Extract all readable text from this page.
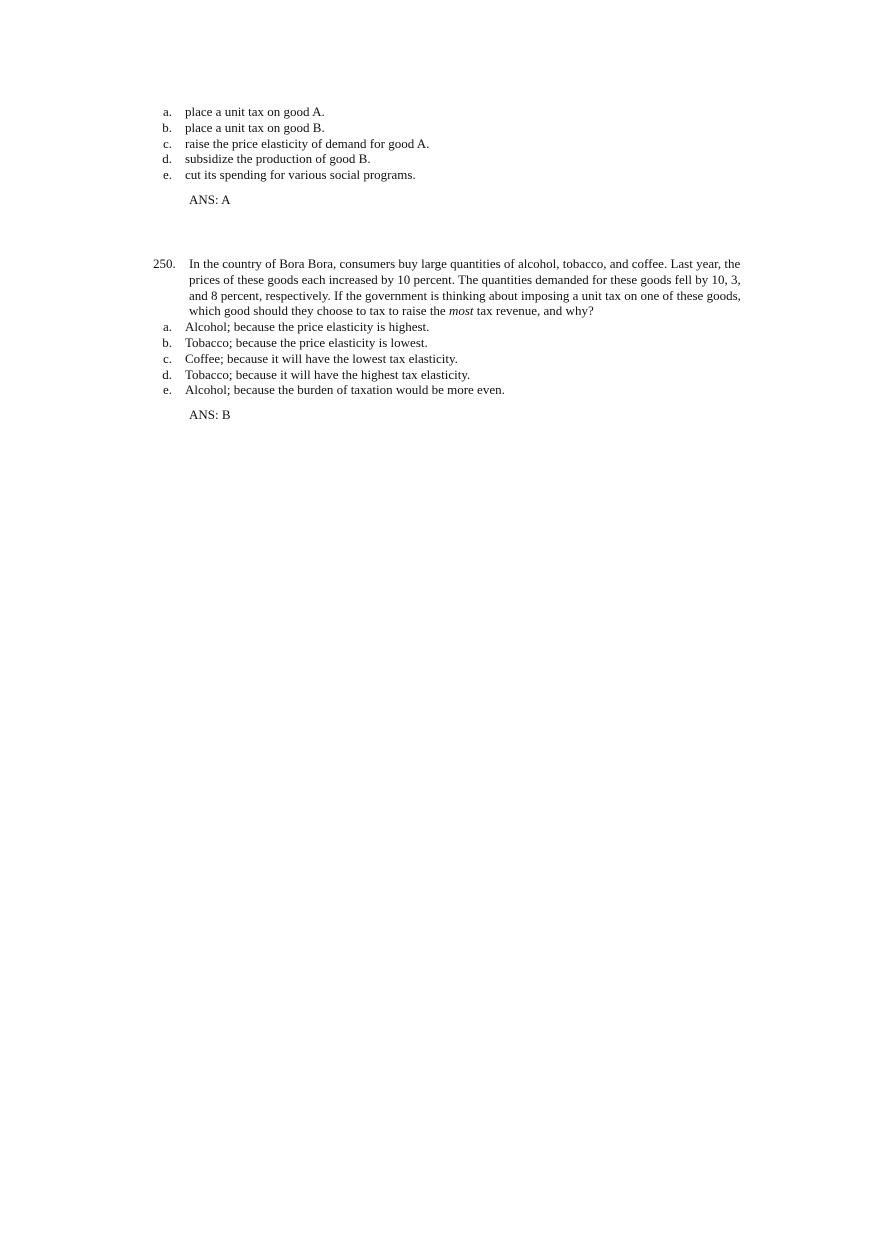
a.	place a unit tax on good A.
b.	place a unit tax on good B.
c.	raise the price elasticity of demand for good A.
d.	subsidize the production of good B.
e.	cut its spending for various social programs.
ANS: A
250.	In the country of Bora Bora, consumers buy large quantities of alcohol, tobacco, and coffee. Last year, the prices of these goods each increased by 10 percent. The quantities demanded for these goods fell by 10, 3, and 8 percent, respectively. If the government is thinking about imposing a unit tax on one of these goods, which good should they choose to tax to raise the most tax revenue, and why?
a.	Alcohol; because the price elasticity is highest.
b.	Tobacco; because the price elasticity is lowest.
c.	Coffee; because it will have the lowest tax elasticity.
d.	Tobacco; because it will have the highest tax elasticity.
e.	Alcohol; because the burden of taxation would be more even.
ANS: B
